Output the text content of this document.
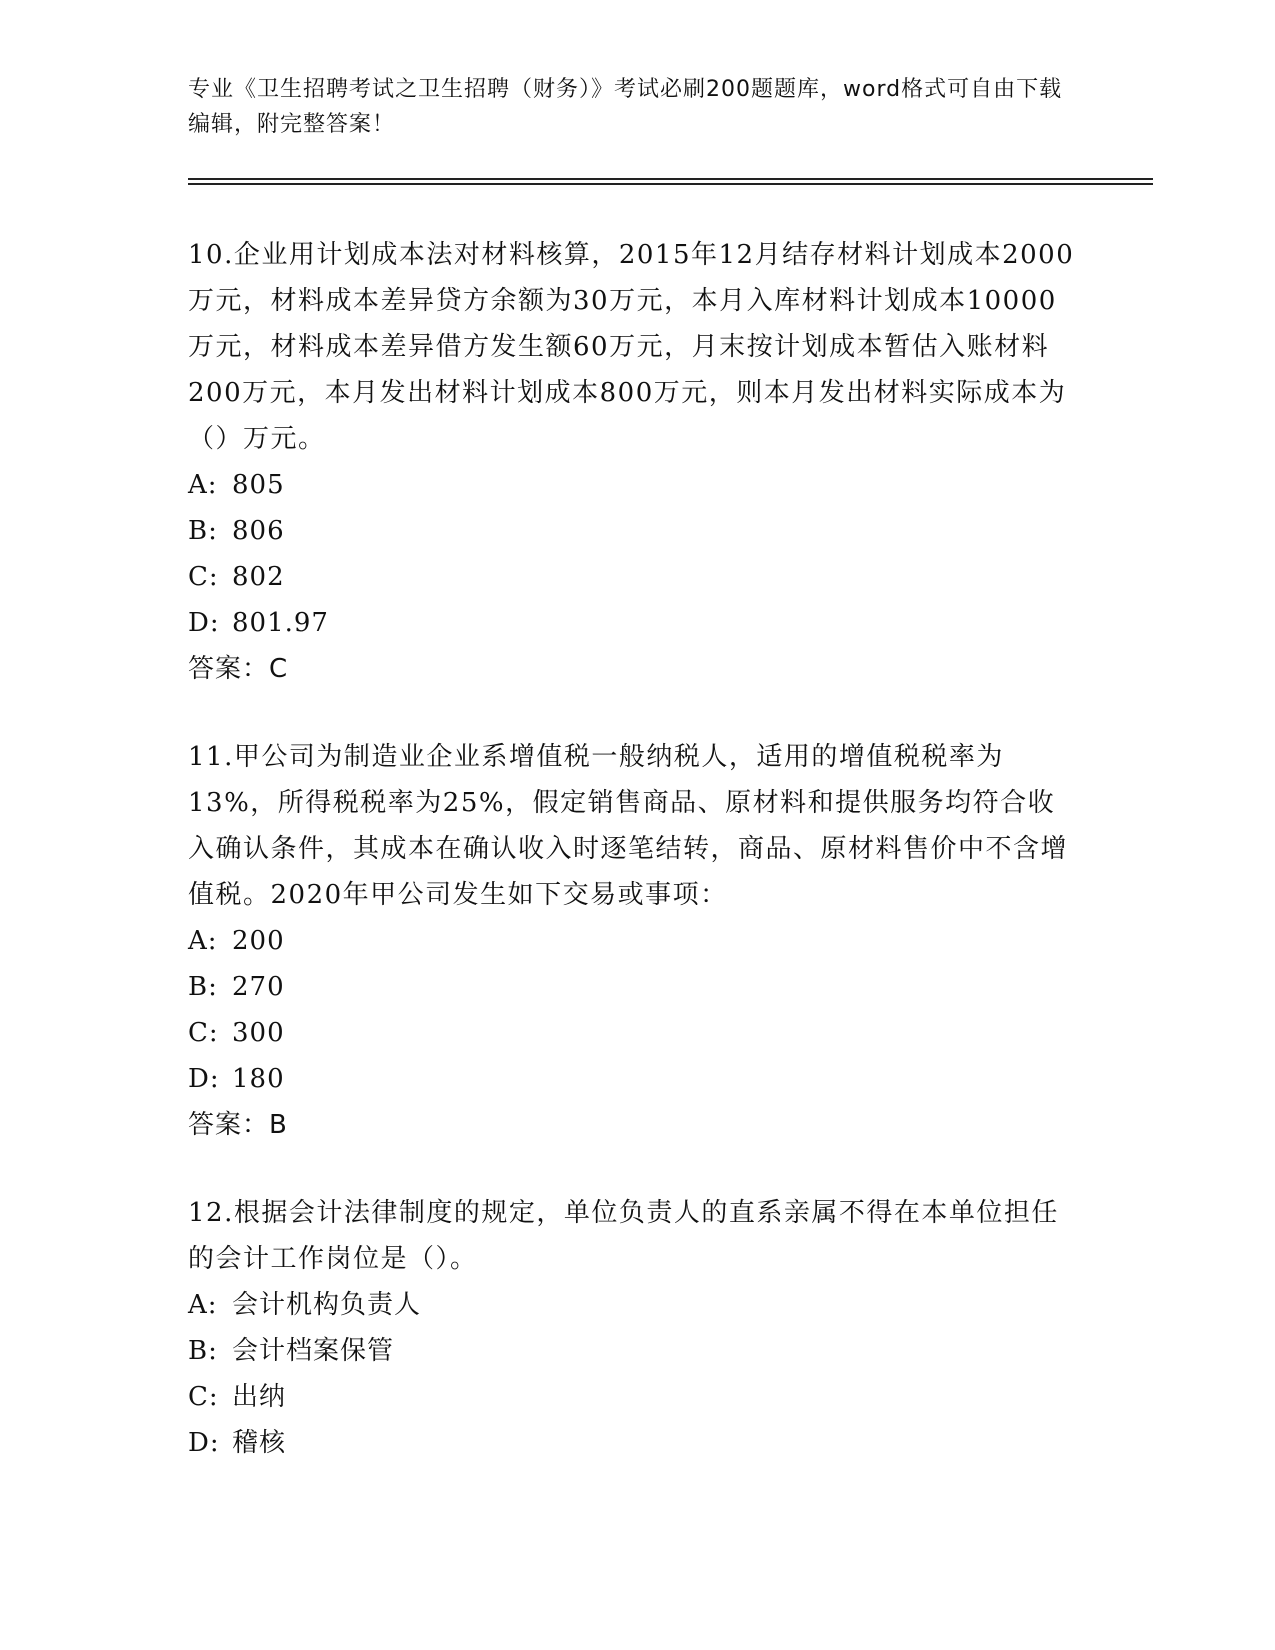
专业《卫生招聘考试之卫生招聘（财务）》考试必刷200题题库，word格式可自由下载编辑，附完整答案！

10.企业用计划成本法对材料核算，2015年12月结存材料计划成本2000万元，材料成本差异贷方余额为30万元，本月入库材料计划成本10000万元，材料成本差异借方发生额60万元，月末按计划成本暂估入账材料200万元，本月发出材料计划成本800万元，则本月发出材料实际成本为（）万元。

A: 805
B: 806
C: 802
D: 801.97
答案：C

11.甲公司为制造业企业系增值税一般纳税人，适用的增值税税率为13%，所得税税率为25%，假定销售商品、原材料和提供服务均符合收入确认条件，其成本在确认收入时逐笔结转，商品、原材料售价中不含增值税。2020年甲公司发生如下交易或事项：

A: 200
B: 270
C: 300
D: 180
答案：B

12.根据会计法律制度的规定，单位负责人的直系亲属不得在本单位担任的会计工作岗位是（）。

A: 会计机构负责人
B: 会计档案保管
C: 出纳
D: 稽核
